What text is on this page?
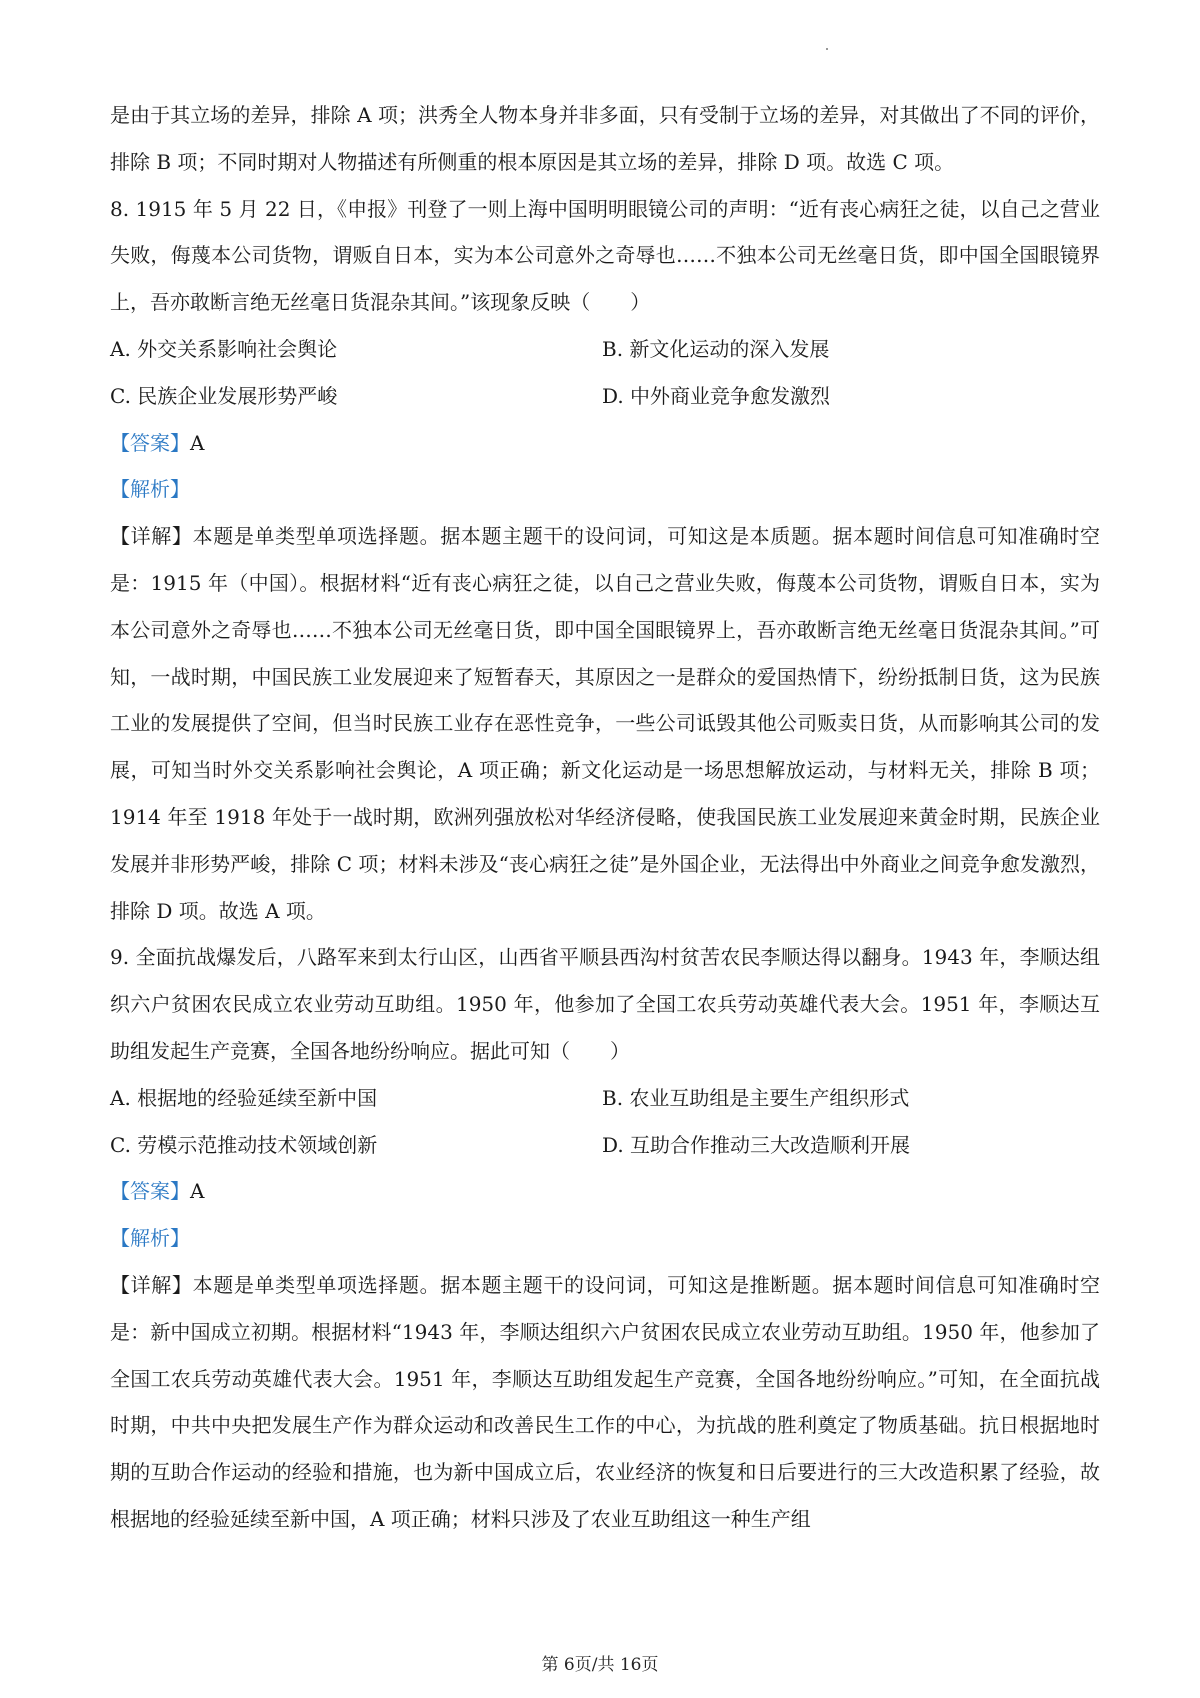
是由于其立场的差异，排除 A 项；洪秀全人物本身并非多面，只有受制于立场的差异，对其做出了不同的评价，排除 B 项；不同时期对人物描述有所侧重的根本原因是其立场的差异，排除 D 项。故选 C 项。

8. 1915 年 5 月 22 日，《申报》刊登了一则上海中国明明眼镜公司的声明：“近有丧心病狂之徒，以自己之营业失败，侮蔑本公司货物，谓贩自日本，实为本公司意外之奇辱也……不独本公司无丝毫日货，即中国全国眼镜界上，吾亦敢断言绝无丝毫日货混杂其间。”该现象反映（　　）

A. 外交关系影响社会舆论	B. 新文化运动的深入发展
C. 民族企业发展形势严峻	D. 中外商业竞争愈发激烈

【答案】A

【解析】

【详解】本题是单类型单项选择题。据本题主题干的设问词，可知这是本质题。据本题时间信息可知准确时空是：1915 年（中国）。根据材料“近有丧心病狂之徒，以自己之营业失败，侮蔑本公司货物，谓贩自日本，实为本公司意外之奇辱也……不独本公司无丝毫日货，即中国全国眼镜界上，吾亦敢断言绝无丝毫日货混杂其间。”可知，一战时期，中国民族工业发展迎来了短暂春天，其原因之一是群众的爱国热情下，纷纷抵制日货，这为民族工业的发展提供了空间，但当时民族工业存在恶性竞争，一些公司诋毁其他公司贩卖日货，从而影响其公司的发展，可知当时外交关系影响社会舆论，A 项正确；新文化运动是一场思想解放运动，与材料无关，排除 B 项；1914 年至 1918 年处于一战时期，欧洲列强放松对华经济侵略，使我国民族工业发展迎来黄金时期，民族企业发展并非形势严峻，排除 C 项；材料未涉及“丧心病狂之徒”是外国企业，无法得出中外商业之间竞争愈发激烈，排除 D 项。故选 A 项。

9. 全面抗战爆发后，八路军来到太行山区，山西省平顺县西沟村贫苦农民李顺达得以翻身。1943 年，李顺达组织六户贫困农民成立农业劳动互助组。1950 年，他参加了全国工农兵劳动英雄代表大会。1951 年，李顺达互助组发起生产竞赛，全国各地纷纷响应。据此可知（　　）

A. 根据地的经验延续至新中国	B. 农业互助组是主要生产组织形式
C. 劳模示范推动技术领域创新	D. 互助合作推动三大改造顺利开展

【答案】A

【解析】

【详解】本题是单类型单项选择题。据本题主题干的设问词，可知这是推断题。据本题时间信息可知准确时空是：新中国成立初期。根据材料“1943 年，李顺达组织六户贫困农民成立农业劳动互助组。1950 年，他参加了全国工农兵劳动英雄代表大会。1951 年，李顺达互助组发起生产竞赛，全国各地纷纷响应。”可知，在全面抗战时期，中共中央把发展生产作为群众运动和改善民生工作的中心，为抗战的胜利奠定了物质基础。抗日根据地时期的互助合作运动的经验和措施，也为新中国成立后，农业经济的恢复和日后要进行的三大改造积累了经验，故根据地的经验延续至新中国，A 项正确；材料只涉及了农业互助组这一种生产组

第 6页/共 16页
